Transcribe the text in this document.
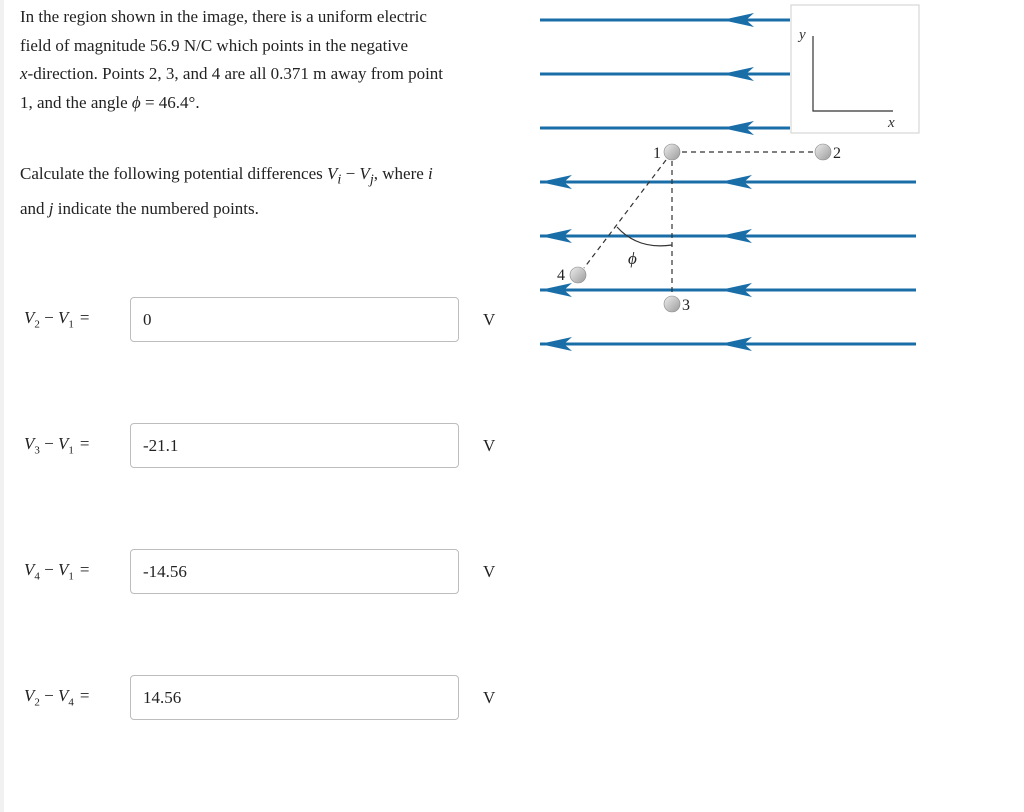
In the region shown in the image, there is a uniform electric
field of magnitude 56.9 N/C which points in the negative
x-direction. Points 2, 3, and 4 are all 0.371 m away from point
1, and the angle ϕ = 46.4°.
Calculate the following potential differences $V_i - V_j$, where i
and j indicate the numbered points.
$V_2 - V_1$ =
0	V
$V_3 - V_1$ =
-21.1	V
$V_4 - V_1$ =
-14.56	V
$V_2 - V_4$ =
14.56	V
y
x
ϕ
1	2
3
4
